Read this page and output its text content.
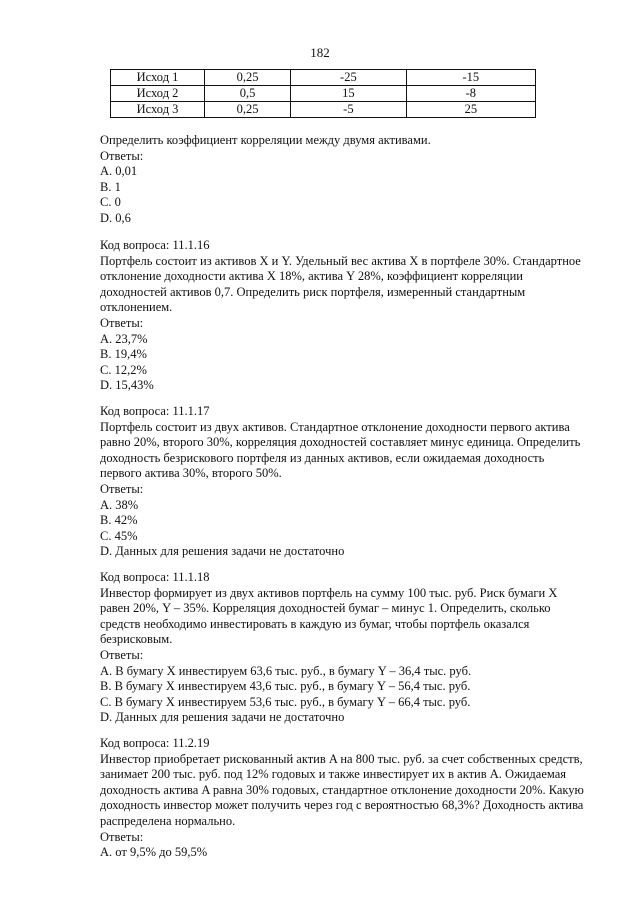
182
Исход 1	0,25	-25	-15
Исход 2	0,5	15	-8
Исход 3	0,25	-5	25
Определить коэффициент корреляции между двумя активами.
Ответы:
A. 0,01
B. 1
C. 0
D. 0,6
Код вопроса: 11.1.16
Портфель состоит из активов X и Y. Удельный вес актива X в портфеле 30%. Стандартное
отклонение доходности актива X 18%, актива Y 28%, коэффициент корреляции
доходностей активов 0,7. Определить риск портфеля, измеренный стандартным
отклонением.
Ответы:
A. 23,7%
B. 19,4%
C. 12,2%
D. 15,43%
Код вопроса: 11.1.17
Портфель состоит из двух активов. Стандартное отклонение доходности первого актива
равно 20%, второго 30%, корреляция доходностей составляет минус единица. Определить
доходность безрискового портфеля из данных активов, если ожидаемая доходность
первого актива 30%, второго 50%.
Ответы:
A. 38%
B. 42%
C. 45%
D. Данных для решения задачи не достаточно
Код вопроса: 11.1.18
Инвестор формирует из двух активов портфель на сумму 100 тыс. руб. Риск бумаги X
равен 20%, Y – 35%. Корреляция доходностей бумаг – минус 1. Определить, сколько
средств необходимо инвестировать в каждую из бумаг, чтобы портфель оказался
безрисковым.
Ответы:
A. В бумагу X инвестируем 63,6 тыс. руб., в бумагу Y – 36,4 тыс. руб.
B. В бумагу X инвестируем 43,6 тыс. руб., в бумагу Y – 56,4 тыс. руб.
C. В бумагу X инвестируем 53,6 тыс. руб., в бумагу Y – 66,4 тыс. руб.
D. Данных для решения задачи не достаточно
Код вопроса: 11.2.19
Инвестор приобретает рискованный актив A на 800 тыс. руб. за счет собственных средств,
занимает 200 тыс. руб. под 12% годовых и также инвестирует их в актив A. Ожидаемая
доходность актива A равна 30% годовых, стандартное отклонение доходности 20%. Какую
доходность инвестор может получить через год с вероятностью 68,3%? Доходность актива
распределена нормально.
Ответы:
A. от 9,5% до 59,5%
